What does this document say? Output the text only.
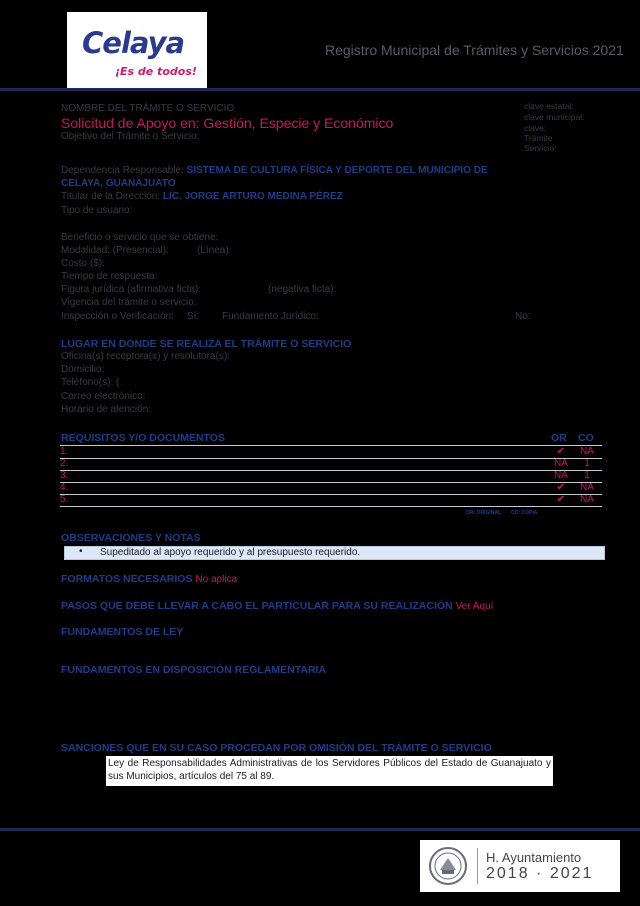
Celaya
¡Es de todos!
Registro Municipal de Trámites y Servicios 2021
NOMBRE DEL TRÁMITE O SERVICIO
Solicitud de Apoyo en: Gestión, Especie y Económico
Objetivo del Trámite o Servicio:
clave estatal:
clave municipal:
clave:
Trámite
Servicio:
Dependencia Responsable: SISTEMA DE CULTURA FÍSICA Y DEPORTE DEL MUNICIPIO DE
CELAYA, GUANAJUATO
Titular de la Dirección: LIC. JORGE ARTURO MEDINA PÉREZ
Tipo de usuario:
Beneficio o servicio que se obtiene:
Modalidad: (Presencial):	(Línea):
Costo ($):
Tiempo de respuesta:
Figura jurídica (afirmativa ficta):	(negativa ficta):
Vigencia del trámite o servicio:
Inspección o Verificación: Sí: Fundamento Jurídico:	No:
LUGAR EN DONDE SE REALIZA EL TRÁMITE O SERVICIO
Oficina(s) receptora(s) y resolutora(s):
Domicilio:
Teléfono(s): (
Correo electrónico:
Horario de atención:
REQUISITOS Y/O DOCUMENTOS	OR CO
1.	✔	NA
2.	NA	1
3.	NA	1
4.	✔	NA
5.	✔	NA
OR: ORIGINAL CO: COPIA
OBSERVACIONES Y NOTAS
• Supeditado al apoyo requerido y al presupuesto requerido.
FORMATOS NECESARIOS No aplica
PASOS QUE DEBE LLEVAR A CABO EL PARTICULAR PARA SU REALIZACIÓN Ver Aquí
FUNDAMENTOS DE LEY
FUNDAMENTOS EN DISPOSICIÓN REGLAMENTARIA
SANCIONES QUE EN SU CASO PROCEDAN POR OMISIÓN DEL TRÁMITE O SERVICIO
Ley de Responsabilidades Administrativas de los Servidores Públicos del Estado de Guanajuato y sus Municipios, artículos del 75 al 89.
H. Ayuntamiento
2018 · 2021
